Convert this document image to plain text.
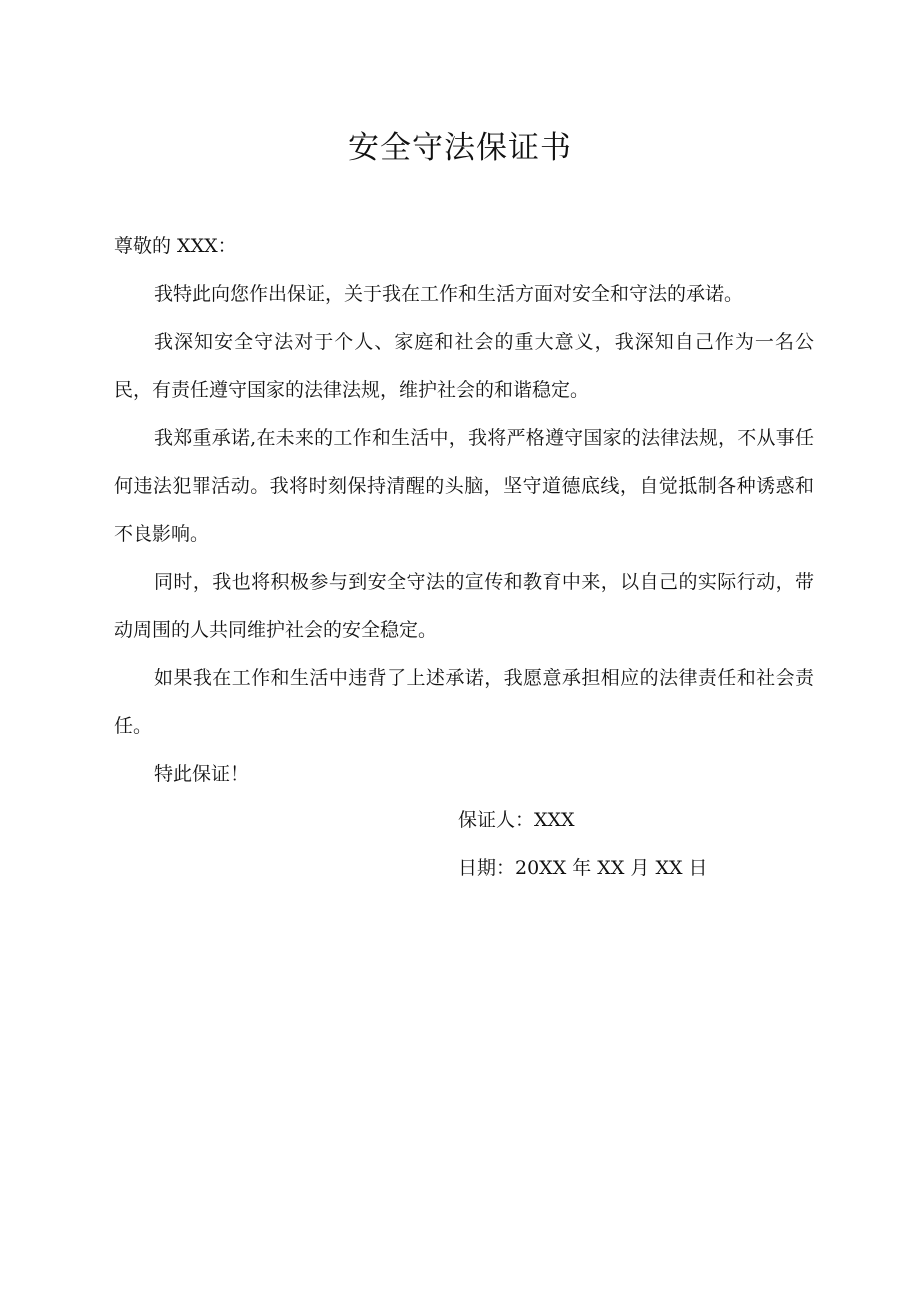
安全守法保证书

尊敬的 XXX：

我特此向您作出保证，关于我在工作和生活方面对安全和守法的承诺。

我深知安全守法对于个人、家庭和社会的重大意义，我深知自己作为一名公民，有责任遵守国家的法律法规，维护社会的和谐稳定。

我郑重承诺,在未来的工作和生活中，我将严格遵守国家的法律法规，不从事任何违法犯罪活动。我将时刻保持清醒的头脑，坚守道德底线，自觉抵制各种诱惑和不良影响。

同时，我也将积极参与到安全守法的宣传和教育中来，以自己的实际行动，带动周围的人共同维护社会的安全稳定。

如果我在工作和生活中违背了上述承诺，我愿意承担相应的法律责任和社会责任。

特此保证！

保证人：XXX
日期：20XX 年 XX 月 XX 日
